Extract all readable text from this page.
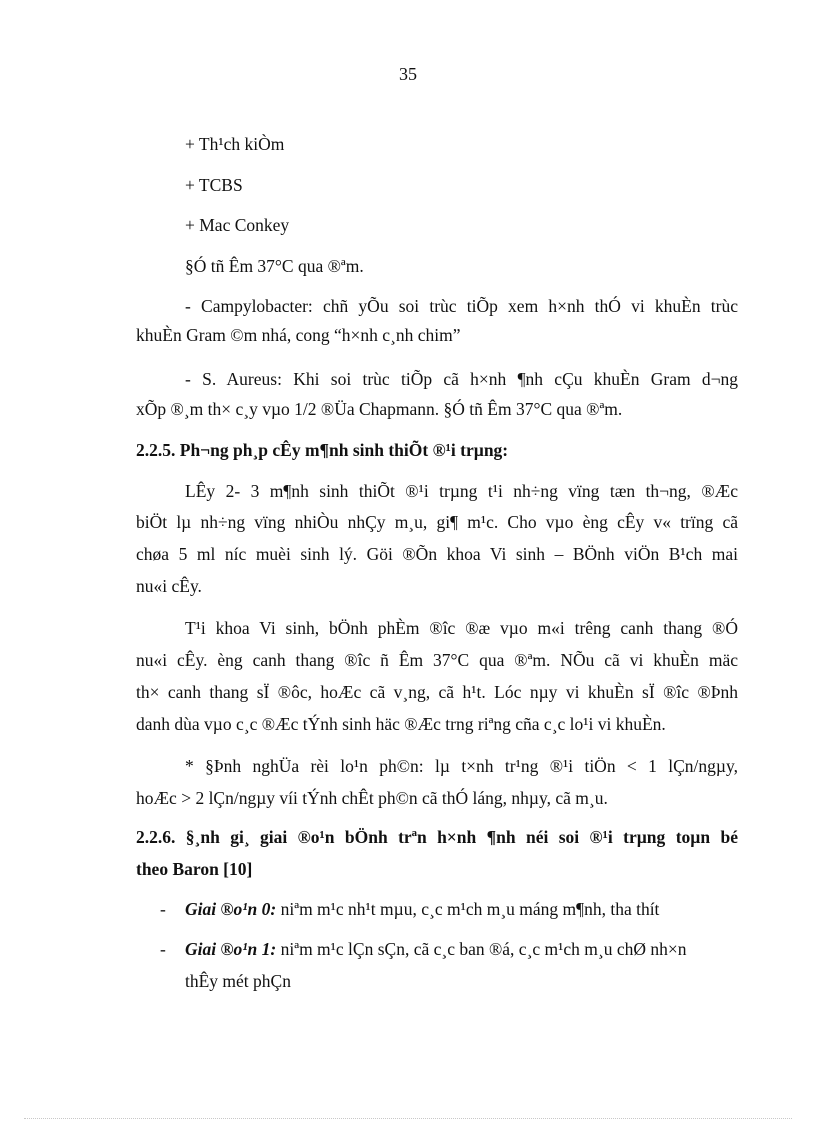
35
+ Th¹ch kiÒm
+ TCBS
+ Mac Conkey
§Ó tñ Êm 37°C qua ®ªm.
- Campylobacter: chñ yÕu soi trùc tiÕp xem h×nh thÓ vi khuÈn trùc
khuÈn Gram ©m nhá, cong “h×nh c¸nh chim”
- S. Aureus: Khi soi trùc tiÕp cã h×nh ¶nh cÇu khuÈn Gram d¬ng
xÕp ®¸m th× c¸y vµo 1/2 ®Üa Chapmann. §Ó tñ Êm 37°C qua ®ªm.
2.2.5. Ph¬ng ph¸p cÊy m¶nh sinh thiÕt ®¹i trµng:
LÊy 2- 3 m¶nh sinh thiÕt ®¹i trµng t¹i nh÷ng vïng tæn th¬ng, ®Æc
biÖt lµ nh÷ng vïng nhiÒu nhÇy m¸u, gi¶ m¹c. Cho vµo èng cÊy v« trïng cã
chøa 5 ml níc muèi sinh lý. Göi ®Õn khoa Vi sinh – BÖnh viÖn B¹ch mai
nu«i cÊy.
T¹i khoa Vi sinh, bÖnh phÈm ®îc ®æ vµo m«i trêng canh thang ®Ó
nu«i cÊy. èng canh thang ®îc ñ Êm 37°C qua ®ªm. NÕu cã vi khuÈn mäc
th× canh thang sÏ ®ôc, hoÆc cã v¸ng, cã h¹t. Lóc nµy vi khuÈn sÏ ®îc ®Þnh
danh dùa vµo c¸c ®Æc tÝnh sinh häc ®Æc trng riªng cña c¸c lo¹i vi khuÈn.
* §Þnh nghÜa rèi lo¹n ph©n: lµ t×nh tr¹ng ®¹i tiÖn < 1 lÇn/ngµy,
hoÆc > 2 lÇn/ngµy víi tÝnh chÊt ph©n cã thÓ láng, nhµy, cã m¸u.
2.2.6. §¸nh gi¸ giai ®o¹n bÖnh trªn h×nh ¶nh néi soi ®¹i trµng toµn bé
theo Baron [10]
- Giai ®o¹n 0: niªm m¹c nh¹t mµu, c¸c m¹ch m¸u máng m¶nh, tha thít
- Giai ®o¹n 1: niªm m¹c lÇn sÇn, cã c¸c ban ®á, c¸c m¹ch m¸u chØ nh×n
thÊy mét phÇn
